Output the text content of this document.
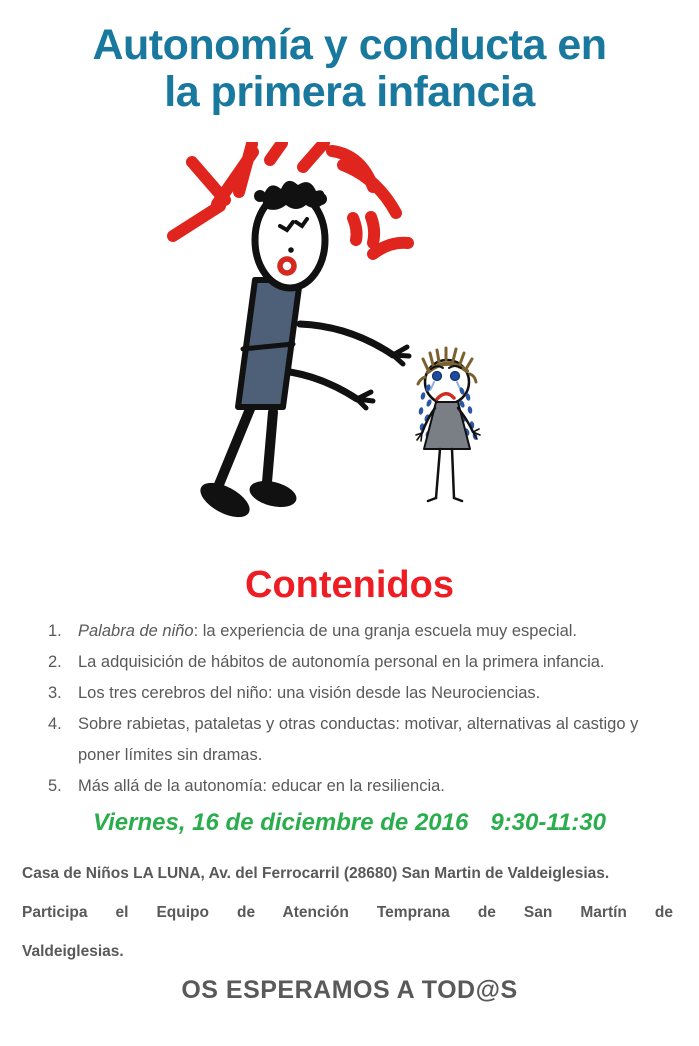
Autonomía y conducta en
la primera infancia
Contenidos
1. Palabra de niño: la experiencia de una granja escuela muy especial.
2. La adquisición de hábitos de autonomía personal en la primera infancia.
3. Los tres cerebros del niño: una visión desde las Neurociencias.
4. Sobre rabietas, pataletas y otras conductas: motivar, alternativas al castigo y poner límites sin dramas.
5. Más allá de la autonomía: educar en la resiliencia.
Viernes, 16 de diciembre de 2016 9:30-11:30
Casa de Niños LA LUNA, Av. del Ferrocarril (28680) San Martin de Valdeiglesias.
Participa el Equipo de Atención Temprana de San Martín de
Valdeiglesias.
OS ESPERAMOS A TOD@S
